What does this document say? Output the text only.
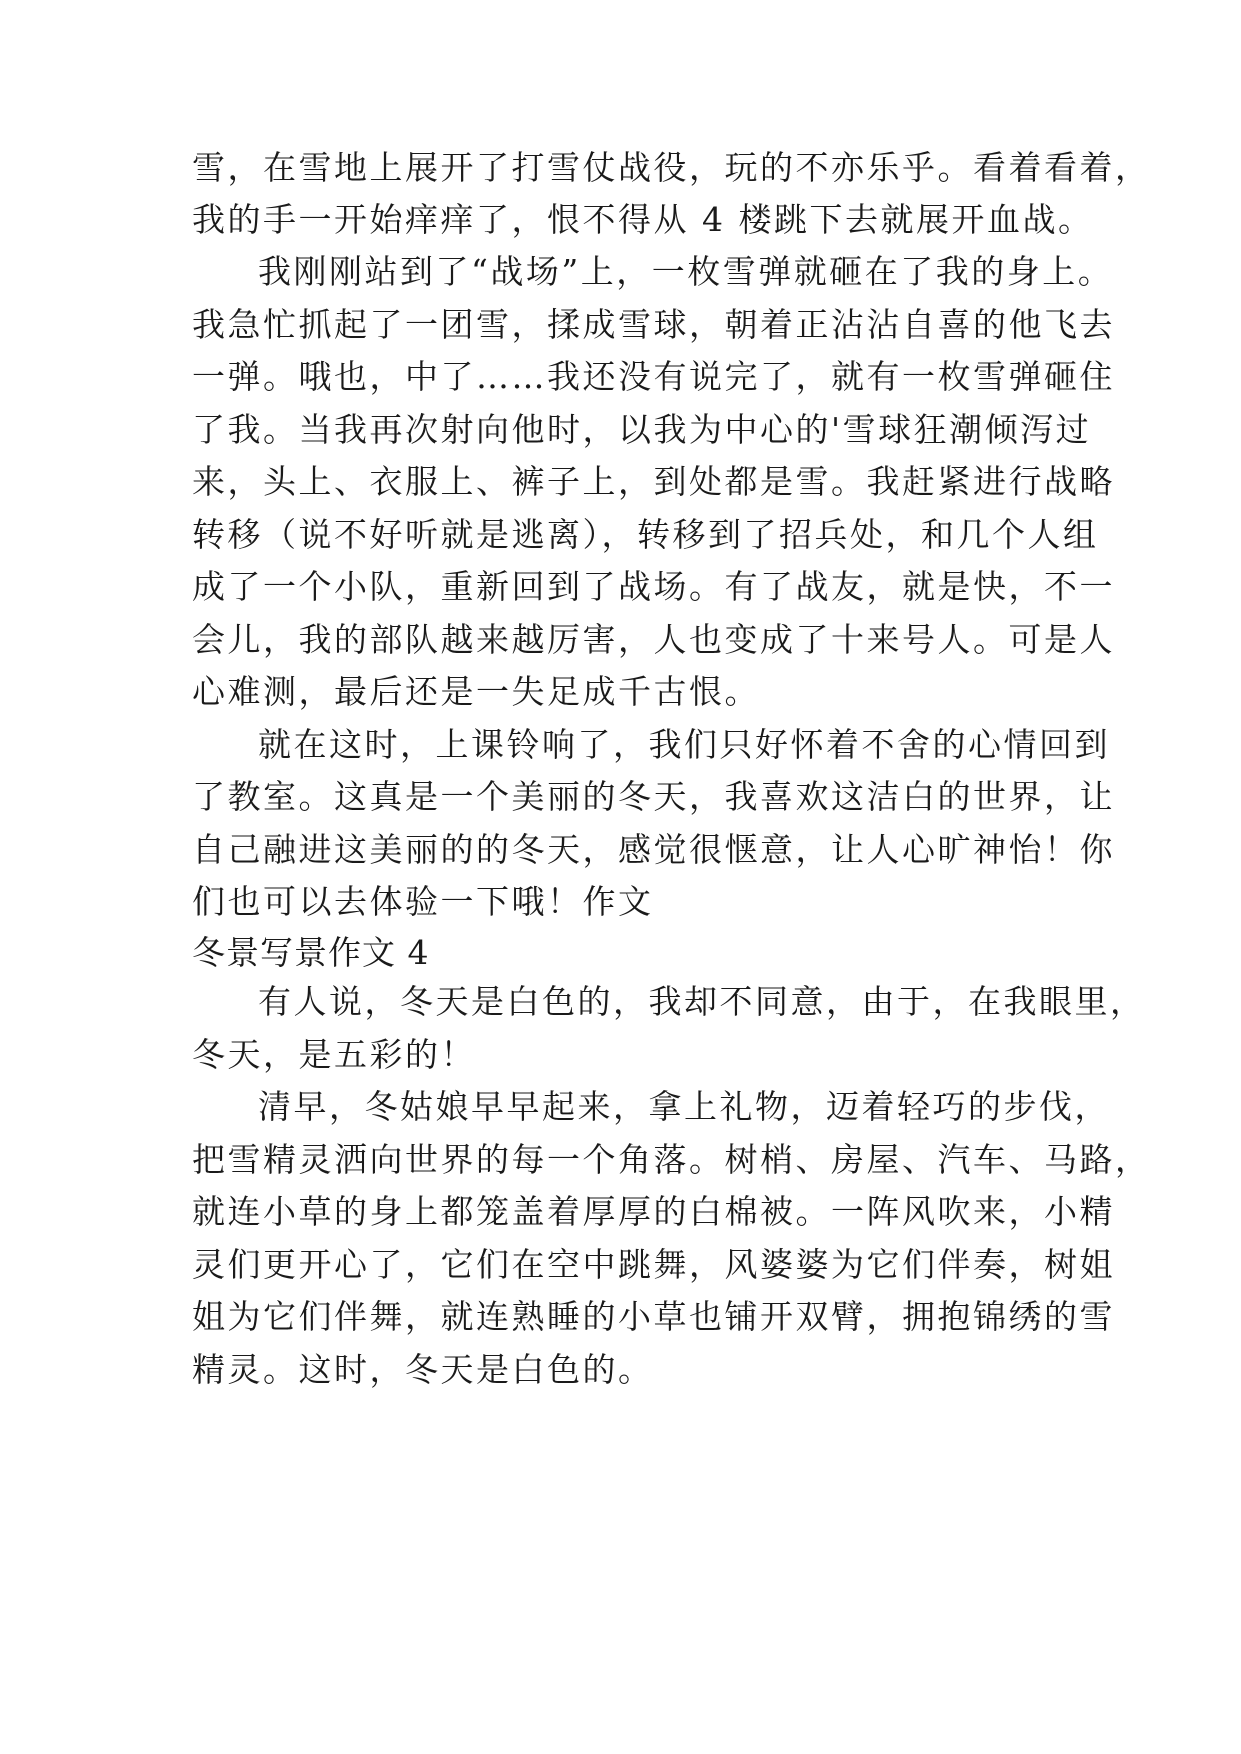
雪，在雪地上展开了打雪仗战役，玩的不亦乐乎。看着看着，
我的手一开始痒痒了，恨不得从 4 楼跳下去就展开血战。
我刚刚站到了“战场”上，一枚雪弹就砸在了我的身上。
我急忙抓起了一团雪，揉成雪球，朝着正沾沾自喜的他飞去
一弹。哦也，中了……我还没有说完了，就有一枚雪弹砸住
了我。当我再次射向他时，以我为中心的'雪球狂潮倾泻过
来，头上、衣服上、裤子上，到处都是雪。我赶紧进行战略
转移（说不好听就是逃离），转移到了招兵处，和几个人组
成了一个小队，重新回到了战场。有了战友，就是快，不一
会儿，我的部队越来越厉害，人也变成了十来号人。可是人
心难测，最后还是一失足成千古恨。
就在这时，上课铃响了，我们只好怀着不舍的心情回到
了教室。这真是一个美丽的冬天，我喜欢这洁白的世界，让
自己融进这美丽的的冬天，感觉很惬意，让人心旷神怡！你
们也可以去体验一下哦！作文
冬景写景作文 4
有人说，冬天是白色的，我却不同意，由于，在我眼里，
冬天，是五彩的！
清早，冬姑娘早早起来，拿上礼物，迈着轻巧的步伐，
把雪精灵洒向世界的每一个角落。树梢、房屋、汽车、马路，
就连小草的身上都笼盖着厚厚的白棉被。一阵风吹来，小精
灵们更开心了，它们在空中跳舞，风婆婆为它们伴奏，树姐
姐为它们伴舞，就连熟睡的小草也铺开双臂，拥抱锦绣的雪
精灵。这时，冬天是白色的。
